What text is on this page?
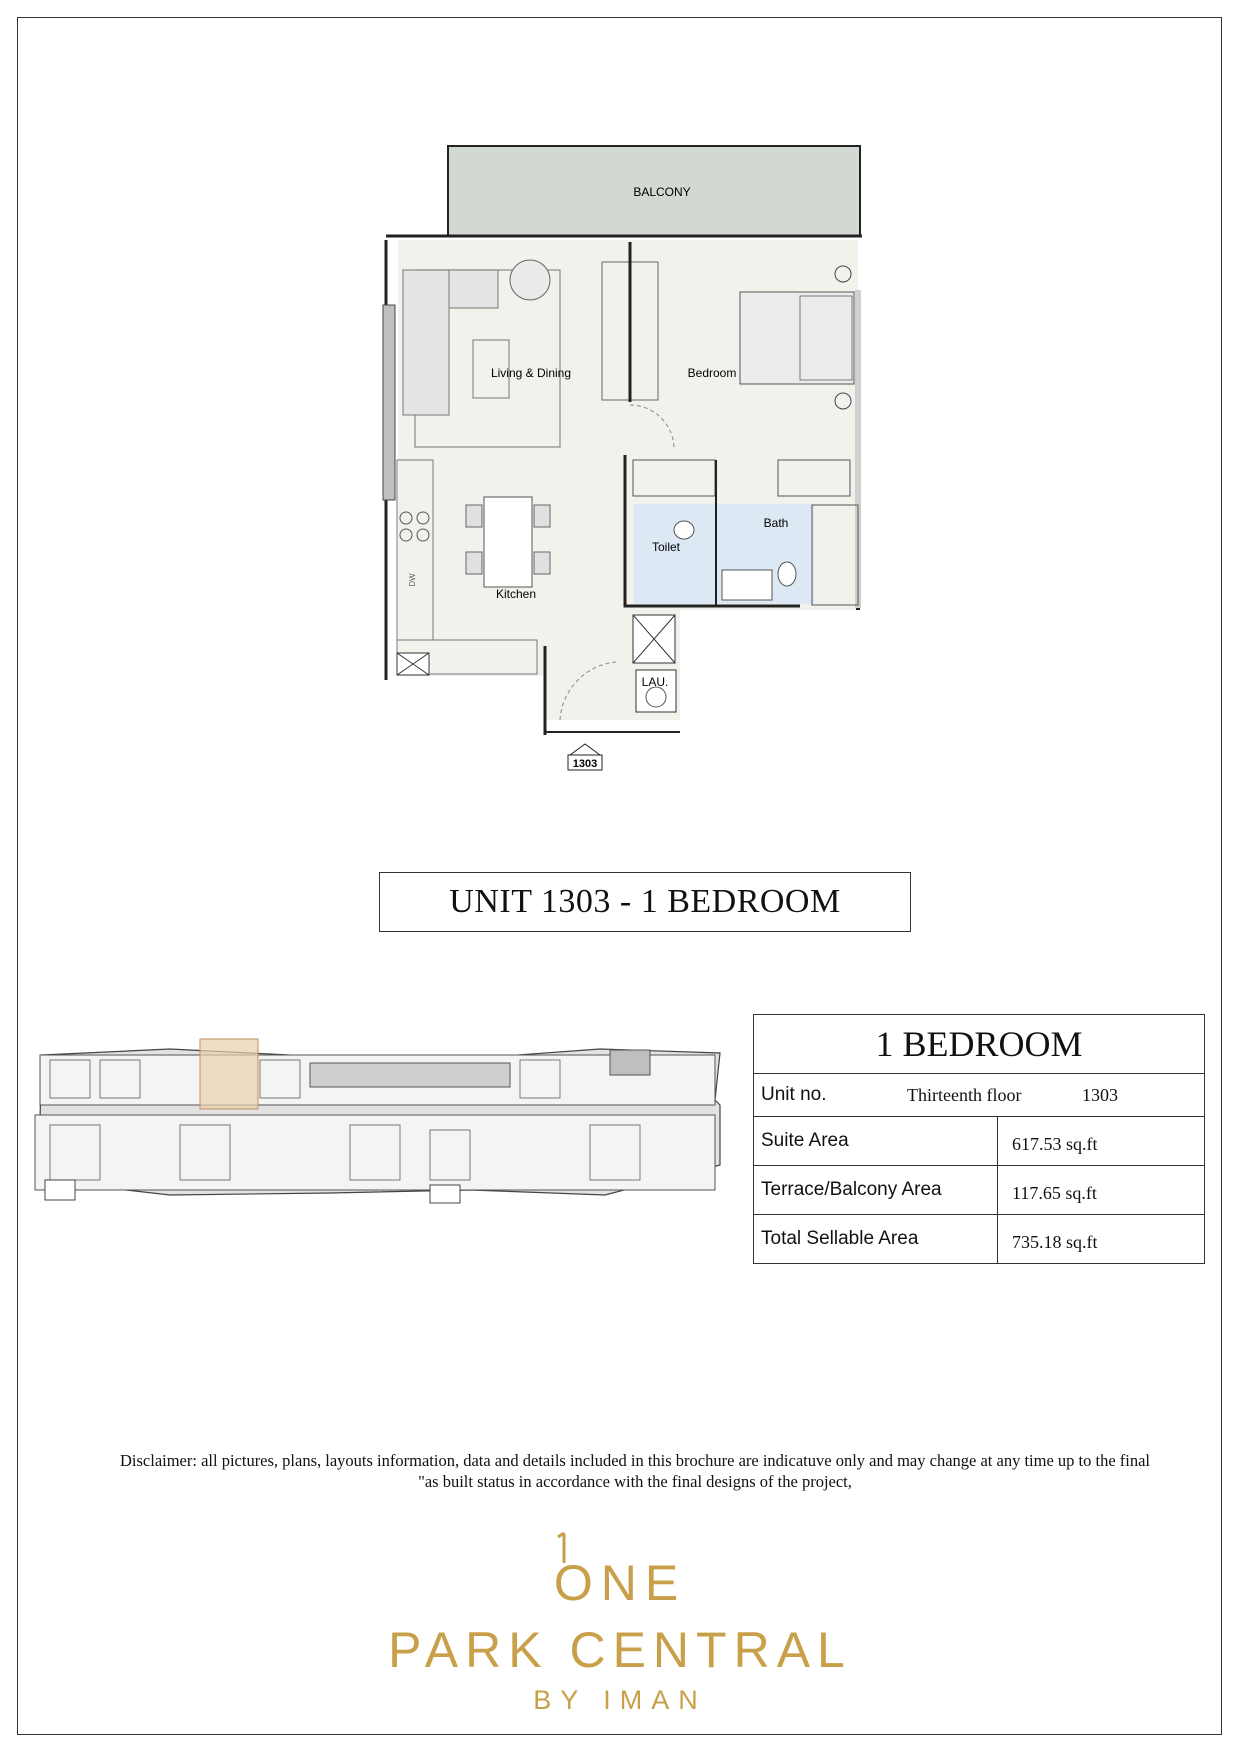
BALCONY
Living & Dining	Bedroom
Bath
Toilet
Kitchen
LAU.
DW
1303
UNIT 1303 - 1 BEDROOM
1 BEDROOM	

Unit no. Thirteenth floor 1303	

Suite Area	617.53 sq.ft
Terrace/Balcony Area	117.65 sq.ft
Total Sellable Area	735.18 sq.ft
Disclaimer: all pictures, plans, layouts information, data and details included in this brochure are indicatuve only and may change at any time up to the final
"as built status in accordance with the final designs of the project,
ONE
PARK CENTRAL
BY IMAN
